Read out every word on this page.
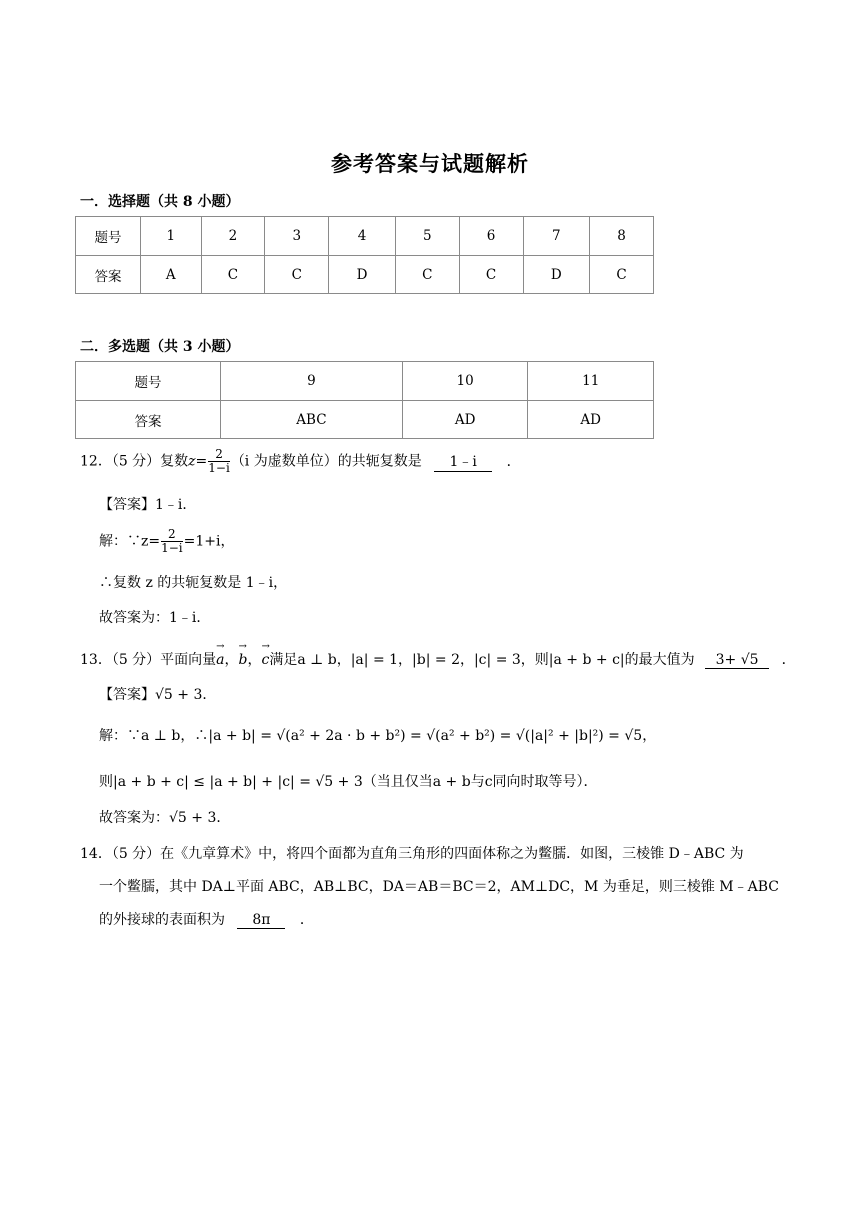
参考答案与试题解析
一．选择题（共 8 小题）
题号	1	2	3	4	5	6	7	8
答案	A	C	C	D	C	C	D	C
二．多选题（共 3 小题）
题号	9	10	11
答案	ABC	AD	AD
12．（5 分）复数$z= \frac{2}{1-i} (i$ 为虚数单位）的共轭复数是 1﹣i ．
【答案】1﹣i．
解：∵z= $\frac{2}{1-i} =1+i$，
∴复数 z 的共轭复数是 1﹣i，
故答案为：1﹣i．
13．（5 分）平面向量→ a，→ b，→ c满足a ⊥ b，|a| = 1，|b| = 2，|c| = 3，则|a + b + c|的最大值为 3+ √5 ．
【答案】√5 + 3．
解：∵a ⊥ b，∴|a + b| = √(a² + 2a · b + b²) = √(a² + b²) = √(|a|² + |b|²) = √5，
则|a + b + c| ≤ |a + b| + |c| = √5 + 3（当且仅当a + b与c同向时取等号）．
故答案为：√5 + 3．
14．（5 分）在《九章算术》中，将四个面都为直角三角形的四面体称之为鳖臑．如图，三棱锥 D﹣ABC 为
一个鳖臑，其中 DA⊥平面 ABC，AB⊥BC，DA＝AB＝BC＝2，AM⊥DC，M 为垂足，则三棱锥 M﹣ABC
的外接球的表面积为 8π ．
